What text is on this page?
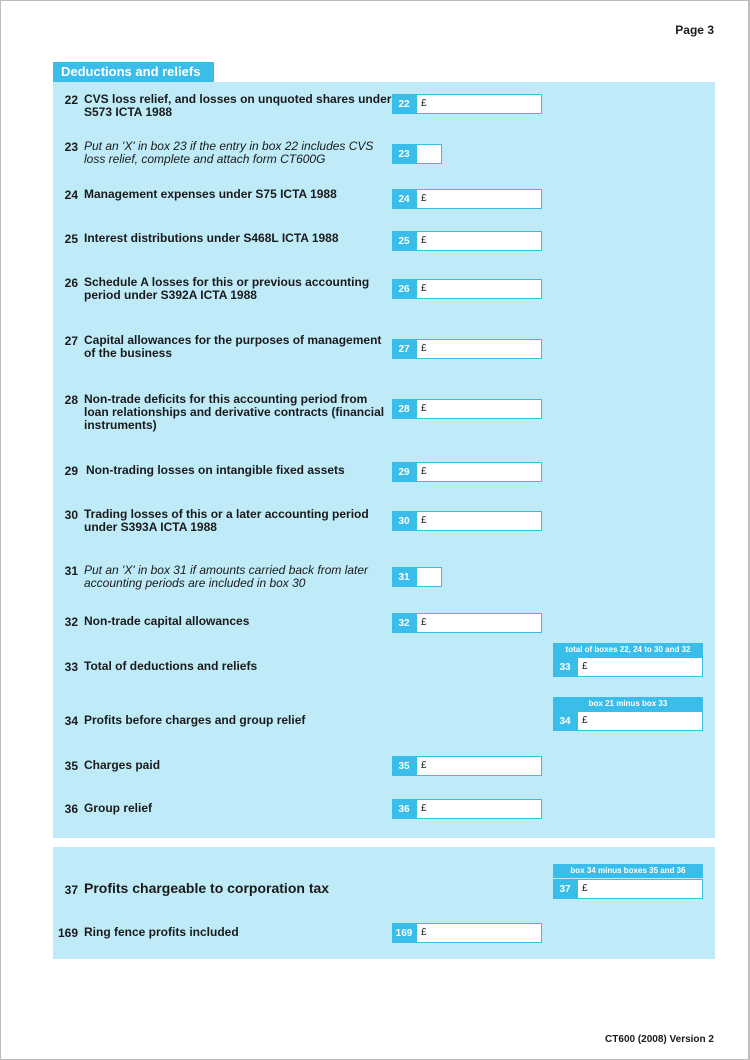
Page 3
Deductions and reliefs
22 CVS loss relief, and losses on unquoted shares under S573 ICTA 1988
22	£
23 Put an 'X' in box 23 if the entry in box 22 includes CVS loss relief, complete and attach form CT600G	23
24 Management expenses under S75 ICTA 1988	24	£
25 Interest distributions under S468L ICTA 1988	25	£
26 Schedule A losses for this or previous accounting period under S392A ICTA 1988	26	£
27 Capital allowances for the purposes of management of the business	27	£
28 Non-trade deficits for this accounting period from loan relationships and derivative contracts (financial instruments)
28	£
29 Non-trading losses on intangible fixed assets	29	£
30 Trading losses of this or a later accounting period under S393A ICTA 1988	30	£
31 Put an 'X' in box 31 if amounts carried back from later accounting periods are included in box 30	31
32 Non-trade capital allowances	32	£
total of boxes 22, 24 to 30 and 32
33 Total of deductions and reliefs	33	£
box 21 minus box 33
34 Profits before charges and group relief	34	£
35 Charges paid	35	£
36 Group relief	36	£
box 34 minus boxes 35 and 36
37 Profits chargeable to corporation tax	37	£
169 Ring fence profits included	169 £
CT600 (2008) Version 2
